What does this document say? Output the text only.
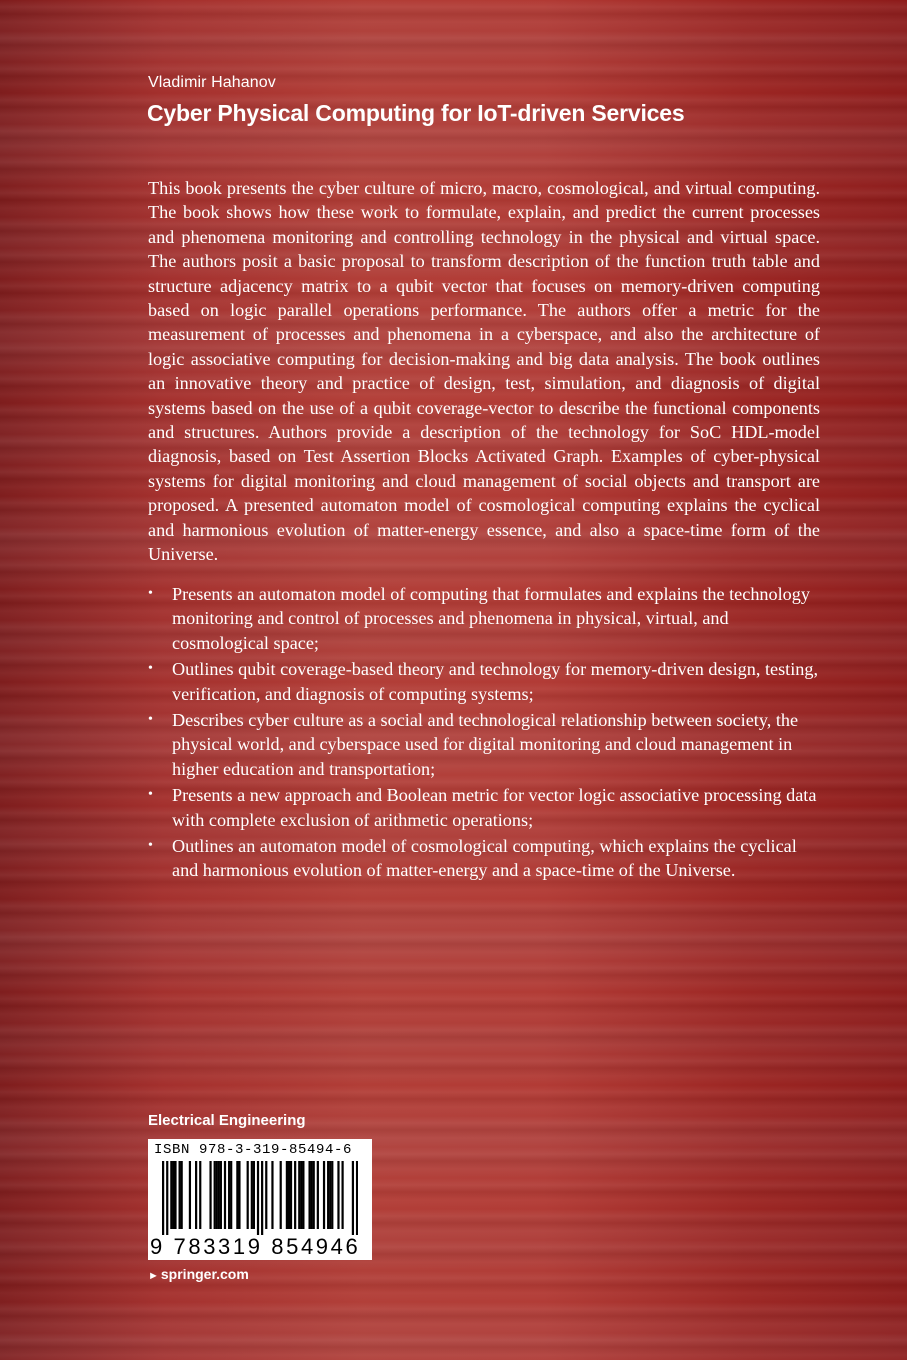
Vladimir Hahanov
Cyber Physical Computing for IoT-driven Services

This book presents the cyber culture of micro, macro, cosmological, and virtual computing. The book shows how these work to formulate, explain, and predict the current processes and phenomena monitoring and controlling technology in the physical and virtual space. The authors posit a basic proposal to transform description of the function truth table and structure adjacency matrix to a qubit vector that focuses on memory-driven computing based on logic parallel operations performance. The authors offer a metric for the measurement of processes and phenomena in a cyberspace, and also the architecture of logic associative computing for decision-making and big data analysis. The book outlines an innovative theory and practice of design, test, simulation, and diagnosis of digital systems based on the use of a qubit coverage-vector to describe the functional components and structures. Authors provide a description of the technology for SoC HDL-model diagnosis, based on Test Assertion Blocks Activated Graph. Examples of cyber-physical systems for digital monitoring and cloud management of social objects and transport are proposed. A presented automaton model of cosmological computing explains the cyclical and harmonious evolution of matter-energy essence, and also a space-time form of the Universe.

• Presents an automaton model of computing that formulates and explains the technology monitoring and control of processes and phenomena in physical, virtual, and cosmological space;
• Outlines qubit coverage-based theory and technology for memory-driven design, testing, verification, and diagnosis of computing systems;
• Describes cyber culture as a social and technological relationship between society, the physical world, and cyberspace used for digital monitoring and cloud management in higher education and transportation;
• Presents a new approach and Boolean metric for vector logic associative processing data with complete exclusion of arithmetic operations;
• Outlines an automaton model of cosmological computing, which explains the cyclical and harmonious evolution of matter-energy and a space-time of the Universe.
Electrical Engineering
ISBN 978-3-319-85494-6
9 783319 854946
► springer.com
